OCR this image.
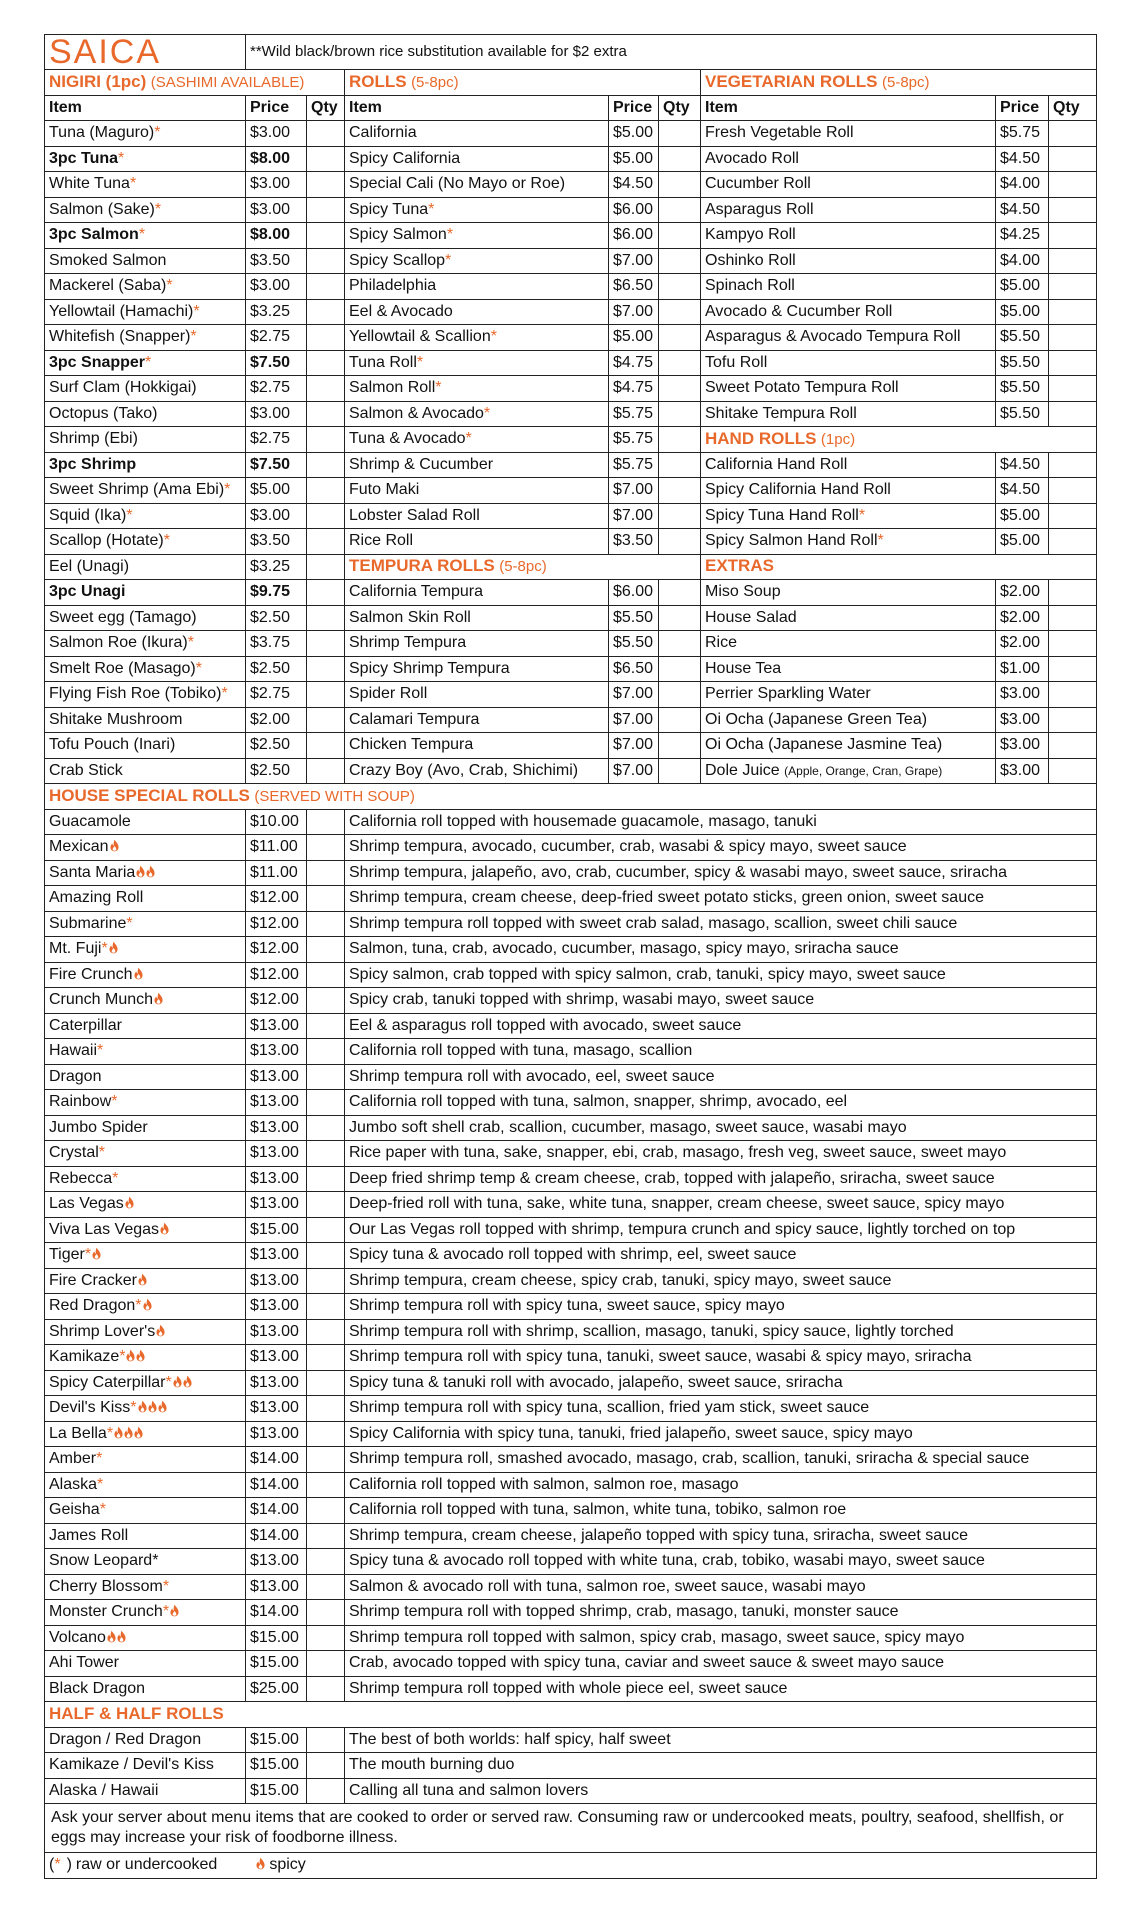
SAICA	**Wild black/brown rice substitution available for $2 extra							
NIGIRI (1pc) (SASHIMI AVAILABLE)			ROLLS (5-8pc)			VEGETARIAN ROLLS (5-8pc)		
Item	Price	Qty	Item	Price	Qty	Item	Price	Qty
Tuna (Maguro)*	$3.00		California	$5.00		Fresh Vegetable Roll	$5.75	
3pc Tuna*	$8.00		Spicy California	$5.00		Avocado Roll	$4.50	
White Tuna*	$3.00		Special Cali (No Mayo or Roe)	$4.50		Cucumber Roll	$4.00	
Salmon (Sake)*	$3.00		Spicy Tuna*	$6.00		Asparagus Roll	$4.50	
3pc Salmon*	$8.00		Spicy Salmon*	$6.00		Kampyo Roll	$4.25	
Smoked Salmon	$3.50		Spicy Scallop*	$7.00		Oshinko Roll	$4.00	
Mackerel (Saba)*	$3.00		Philadelphia	$6.50		Spinach Roll	$5.00	
Yellowtail (Hamachi)*	$3.25		Eel & Avocado	$7.00		Avocado & Cucumber Roll	$5.00	
Whitefish (Snapper)*	$2.75		Yellowtail & Scallion*	$5.00		Asparagus & Avocado Tempura Roll	$5.50	
3pc Snapper*	$7.50		Tuna Roll*	$4.75		Tofu Roll	$5.50	
Surf Clam (Hokkigai)	$2.75		Salmon Roll*	$4.75		Sweet Potato Tempura Roll	$5.50	
Octopus (Tako)	$3.00		Salmon & Avocado*	$5.75		Shitake Tempura Roll	$5.50	
Shrimp (Ebi)	$2.75		Tuna & Avocado*	$5.75		HAND ROLLS (1pc)		
3pc Shrimp	$7.50		Shrimp & Cucumber	$5.75		California Hand Roll	$4.50	
Sweet Shrimp (Ama Ebi)*	$5.00		Futo Maki	$7.00		Spicy California Hand Roll	$4.50	
Squid (Ika)*	$3.00		Lobster Salad Roll	$7.00		Spicy Tuna Hand Roll*	$5.00	
Scallop (Hotate)*	$3.50		Rice Roll	$3.50		Spicy Salmon Hand Roll*	$5.00	
Eel (Unagi)	$3.25		TEMPURA ROLLS (5-8pc)			EXTRAS		
3pc Unagi	$9.75		California Tempura	$6.00		Miso Soup	$2.00	
Sweet egg (Tamago)	$2.50		Salmon Skin Roll	$5.50		House Salad	$2.00	
Salmon Roe (Ikura)*	$3.75		Shrimp Tempura	$5.50		Rice	$2.00	
Smelt Roe (Masago)*	$2.50		Spicy Shrimp Tempura	$6.50		House Tea	$1.00	
Flying Fish Roe (Tobiko)*	$2.75		Spider Roll	$7.00		Perrier Sparkling Water	$3.00	
Shitake Mushroom	$2.00		Calamari Tempura	$7.00		Oi Ocha (Japanese Green Tea)	$3.00	
Tofu Pouch (Inari)	$2.50		Chicken Tempura	$7.00		Oi Ocha (Japanese Jasmine Tea)	$3.00	
Crab Stick	$2.50		Crazy Boy (Avo, Crab, Shichimi)	$7.00		Dole Juice (Apple, Orange, Cran, Grape)	$3.00	
HOUSE SPECIAL ROLLS (SERVED WITH SOUP)								
Guacamole	$10.00		California roll topped with housemade guacamole, masago, tanuki					
Mexican	$11.00		Shrimp tempura, avocado, cucumber, crab, wasabi & spicy mayo, sweet sauce					
Santa Maria	$11.00		Shrimp tempura, jalapeño, avo, crab, cucumber, spicy & wasabi mayo, sweet sauce, sriracha					
Amazing Roll	$12.00		Shrimp tempura, cream cheese, deep-fried sweet potato sticks, green onion, sweet sauce					
Submarine*	$12.00		Shrimp tempura roll topped with sweet crab salad, masago, scallion, sweet chili sauce					
Mt. Fuji*	$12.00		Salmon, tuna, crab, avocado, cucumber, masago, spicy mayo, sriracha sauce					
Fire Crunch	$12.00		Spicy salmon, crab topped with spicy salmon, crab, tanuki, spicy mayo, sweet sauce					
Crunch Munch	$12.00		Spicy crab, tanuki topped with shrimp, wasabi mayo, sweet sauce					
Caterpillar	$13.00		Eel & asparagus roll topped with avocado, sweet sauce					
Hawaii*	$13.00		California roll topped with tuna, masago, scallion					
Dragon	$13.00		Shrimp tempura roll with avocado, eel, sweet sauce					
Rainbow*	$13.00		California roll topped with tuna, salmon, snapper, shrimp, avocado, eel					
Jumbo Spider	$13.00		Jumbo soft shell crab, scallion, cucumber, masago, sweet sauce, wasabi mayo					
Crystal*	$13.00		Rice paper with tuna, sake, snapper, ebi, crab, masago, fresh veg, sweet sauce, sweet mayo					
Rebecca*	$13.00		Deep fried shrimp temp & cream cheese, crab, topped with jalapeño, sriracha, sweet sauce					
Las Vegas	$13.00		Deep-fried roll with tuna, sake, white tuna, snapper, cream cheese, sweet sauce, spicy mayo					
Viva Las Vegas	$15.00		Our Las Vegas roll topped with shrimp, tempura crunch and spicy sauce, lightly torched on top					
Tiger*	$13.00		Spicy tuna & avocado roll topped with shrimp, eel, sweet sauce					
Fire Cracker	$13.00		Shrimp tempura, cream cheese, spicy crab, tanuki, spicy mayo, sweet sauce					
Red Dragon*	$13.00		Shrimp tempura roll with spicy tuna, sweet sauce, spicy mayo					
Shrimp Lover's	$13.00		Shrimp tempura roll with shrimp, scallion, masago, tanuki, spicy sauce, lightly torched					
Kamikaze*	$13.00		Shrimp tempura roll with spicy tuna, tanuki, sweet sauce, wasabi & spicy mayo, sriracha					
Spicy Caterpillar*	$13.00		Spicy tuna & tanuki roll with avocado, jalapeño, sweet sauce, sriracha					
Devil's Kiss*	$13.00		Shrimp tempura roll with spicy tuna, scallion, fried yam stick, sweet sauce					
La Bella*	$13.00		Spicy California with spicy tuna, tanuki, fried jalapeño, sweet sauce, spicy mayo					
Amber*	$14.00		Shrimp tempura roll, smashed avocado, masago, crab, scallion, tanuki, sriracha & special sauce					
Alaska*	$14.00		California roll topped with salmon, salmon roe, masago					
Geisha*	$14.00		California roll topped with tuna, salmon, white tuna, tobiko, salmon roe					
James Roll	$14.00		Shrimp tempura, cream cheese, jalapeño topped with spicy tuna, sriracha, sweet sauce					
Snow Leopard*	$13.00		Spicy tuna & avocado roll topped with white tuna, crab, tobiko, wasabi mayo, sweet sauce					
Cherry Blossom*	$13.00		Salmon & avocado roll with tuna, salmon roe, sweet sauce, wasabi mayo					
Monster Crunch*	$14.00		Shrimp tempura roll with topped shrimp, crab, masago, tanuki, monster sauce					
Volcano	$15.00		Shrimp tempura roll topped with salmon, spicy crab, masago, sweet sauce, spicy mayo					
Ahi Tower	$15.00		Crab, avocado topped with spicy tuna, caviar and sweet sauce & sweet mayo sauce					
Black Dragon	$25.00		Shrimp tempura roll topped with whole piece eel, sweet sauce					
HALF & HALF ROLLS								
Dragon / Red Dragon	$15.00		The best of both worlds: half spicy, half sweet					
Kamikaze / Devil's Kiss	$15.00		The mouth burning duo					
Alaska / Hawaii	$15.00		Calling all tuna and salmon lovers					
Ask your server about menu items that are cooked to order or served raw. Consuming raw or undercooked meats, poultry, seafood, shellfish, or eggs may increase your risk of foodborne illness.								
(* ) raw or undercooked spicy								
